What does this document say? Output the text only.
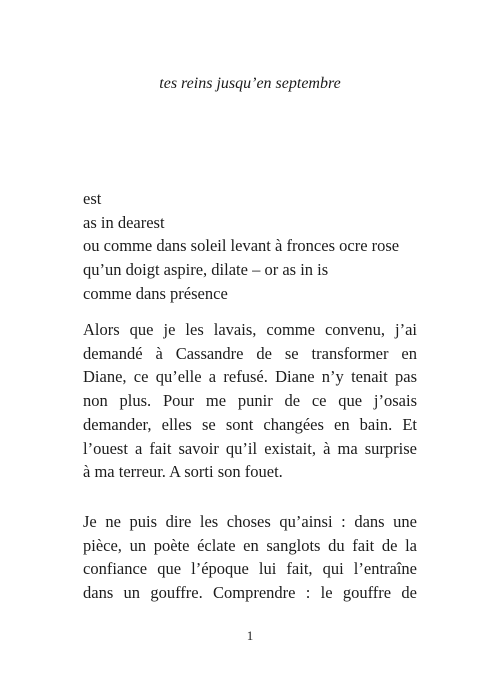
tes reins jusqu’en septembre
est
as in dearest
ou comme dans soleil levant à fronces ocre rose
qu’un doigt aspire, dilate – or as in is
comme dans présence
Alors que je les lavais, comme convenu, j’ai
demandé à Cassandre de se transformer en
Diane, ce qu’elle a refusé. Diane n’y tenait pas
non plus. Pour me punir de ce que j’osais
demander, elles se sont changées en bain. Et
l’ouest a fait savoir qu’il existait, à ma surprise
à ma terreur. A sorti son fouet.
Je ne puis dire les choses qu’ainsi : dans une
pièce, un poète éclate en sanglots du fait de la
confiance que l’époque lui fait, qui l’entraîne
dans un gouffre. Comprendre : le gouffre de
1
